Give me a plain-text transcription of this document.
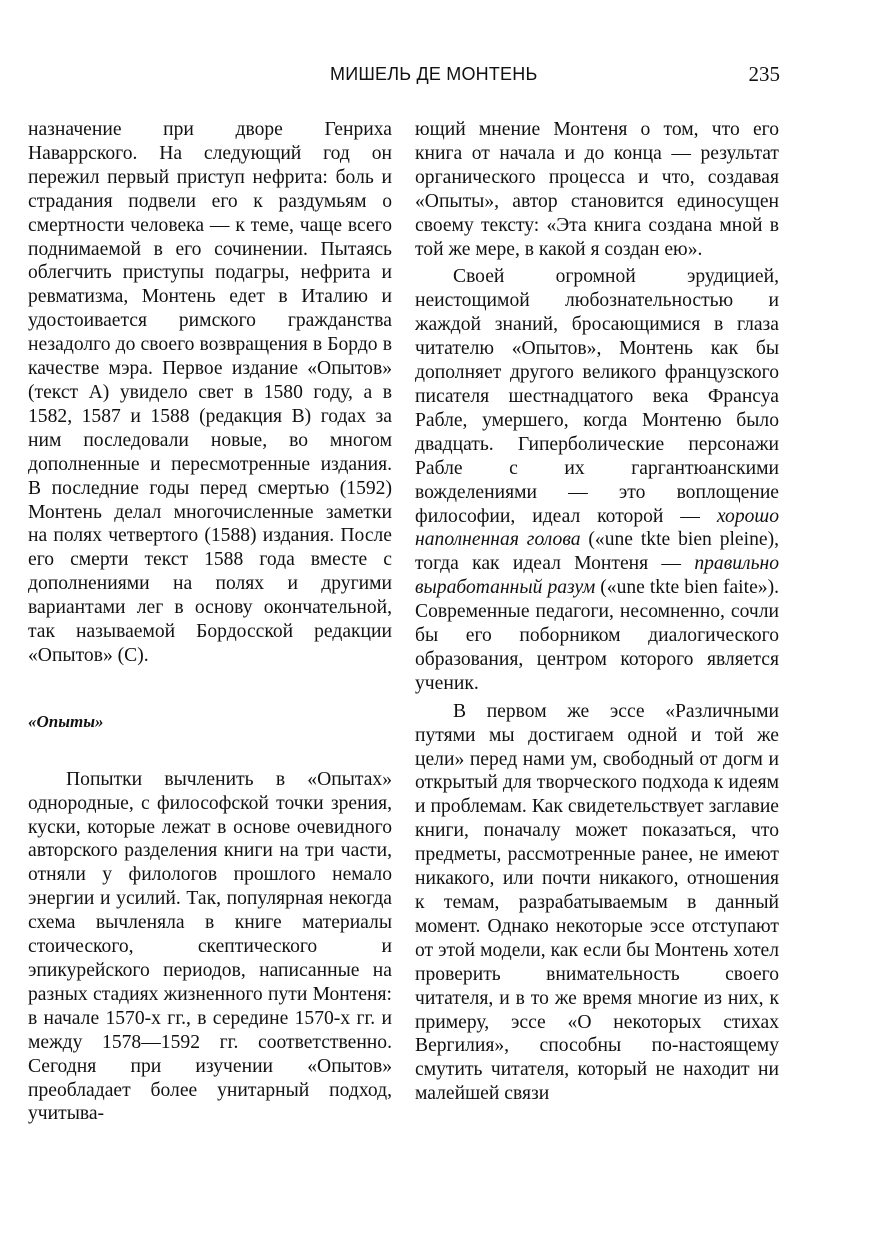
МИШЕЛЬ ДЕ МОНТЕНЬ	235

назначение при дворе Генриха Наваррского. На следующий год он пережил первый приступ нефрита: боль и страдания подвели его к раздумьям о смертности человека — к теме, чаще всего поднимаемой в его сочинении. Пытаясь облегчить приступы подагры, нефрита и ревматизма, Монтень едет в Италию и удостоивается римского гражданства незадолго до своего возвращения в Бордо в качестве мэра. Первое издание «Опытов» (текст А) увидело свет в 1580 году, а в 1582, 1587 и 1588 (редакция В) годах за ним последовали новые, во многом дополненные и пересмотренные издания. В последние годы перед смертью (1592) Монтень делал многочисленные заметки на полях четвертого (1588) издания. После его смерти текст 1588 года вместе с дополнениями на полях и другими вариантами лег в основу окончательной, так называемой Бордосской редакции «Опытов» (С).

«Опыты»

Попытки вычленить в «Опытах» однородные, с философской точки зрения, куски, которые лежат в основе очевидного авторского разделения книги на три части, отняли у филологов прошлого немало энергии и усилий. Так, популярная некогда схема вычленяла в книге материалы стоического, скептического и эпикурейского периодов, написанные на разных стадиях жизненного пути Монтеня: в начале 1570-х гг., в середине 1570-х гг. и между 1578—1592 гг. соответственно. Сегодня при изучении «Опытов» преобладает более унитарный подход, учитыва-

ющий мнение Монтеня о том, что его книга от начала и до конца — результат органического процесса и что, создавая «Опыты», автор становится единосущен своему тексту: «Эта книга создана мной в той же мере, в какой я создан ею».

Своей огромной эрудицией, неистощимой любознательностью и жаждой знаний, бросающимися в глаза читателю «Опытов», Монтень как бы дополняет другого великого французского писателя шестнадцатого века Франсуа Рабле, умершего, когда Монтеню было двадцать. Гиперболические персонажи Рабле с их гаргантюанскими вожделениями — это воплощение философии, идеал которой — хорошо наполненная голова («une tkte bien pleine), тогда как идеал Монтеня — правильно выработанный разум («une tkte bien faite»). Современные педагоги, несомненно, сочли бы его поборником диалогического образования, центром которого является ученик.

В первом же эссе «Различными путями мы достигаем одной и той же цели» перед нами ум, свободный от догм и открытый для творческого подхода к идеям и проблемам. Как свидетельствует заглавие книги, поначалу может показаться, что предметы, рассмотренные ранее, не имеют никакого, или почти никакого, отношения к темам, разрабатываемым в данный момент. Однако некоторые эссе отступают от этой модели, как если бы Монтень хотел проверить внимательность своего читателя, и в то же время многие из них, к примеру, эссе «О некоторых стихах Вергилия», способны по-настоящему смутить читателя, который не находит ни малейшей связи
